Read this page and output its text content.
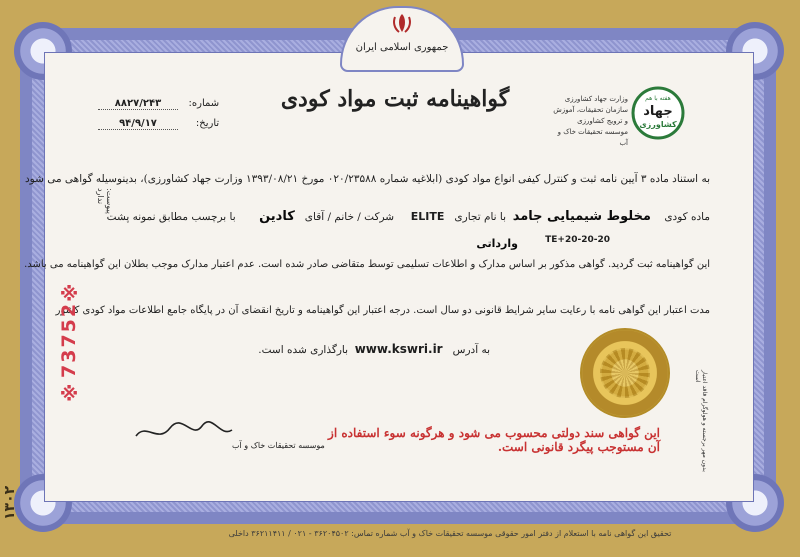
جمهوری اسلامی ایران
گواهینامه ثبت مواد کودی	وزارت جهاد کشاورزی
سازمان تحقیقات، آموزش و ترویج کشاورزی
موسسه تحقیقات خاک و آب
هفته با هم
جهاد
کشاورزی
شماره: ۸۸۲۷/۲۴۳
تاریخ: ۹۴/۹/۱۷
پیوست: ندارد
به استناد ماده ۳ آیین نامه ثبت و کنترل کیفی انواع مواد کودی (ابلاغیه شماره ۰۲۰/۲۳۵۸۸ مورخ ۱۳۹۳/۰۸/۲۱ وزارت جهاد کشاورزی)، بدینوسیله گواهی می شود
ماده کودی    مخلوط شیمیایی جامد  با نام تجاری   ELITE     شرکت / خانم / آقای   کادین       با برچسب مطابق نمونه پشت
20-20-20+TE
وارداتی
این گواهینامه ثبت گردید. گواهی مذکور بر اساس مدارک و اطلاعات تسلیمی توسط متقاضی صادر شده است. عدم اعتبار مدارک موجب بطلان این گواهینامه می باشد.
مدت اعتبار این گواهی نامه با رعایت سایر شرایط قانونی دو سال است. درجه اعتبار این گواهینامه و تاریخ انقضای آن در پایگاه جامع اطلاعات مواد کودی کشور
به آدرس   www.kswri.ir  بارگذاری شده است.
※73752※
موسسه تحقیقات خاک و آب
این گواهی سند دولتی محسوب می شود و هرگونه سوء استفاده از آن مستوجب پیگرد قانونی است.	بدون مهر برجسته و هولوگرام فاقد اعتبار است
تحقیق این گواهی نامه با استعلام از دفتر امور حقوقی موسسه تحقیقات خاک و آب شماره تماس: ۳۶۲۰۴۵۰۲ - ۰۲۱ / ۳۶۲۱۱۴۱۱ داخلی
۱۳۰۲
